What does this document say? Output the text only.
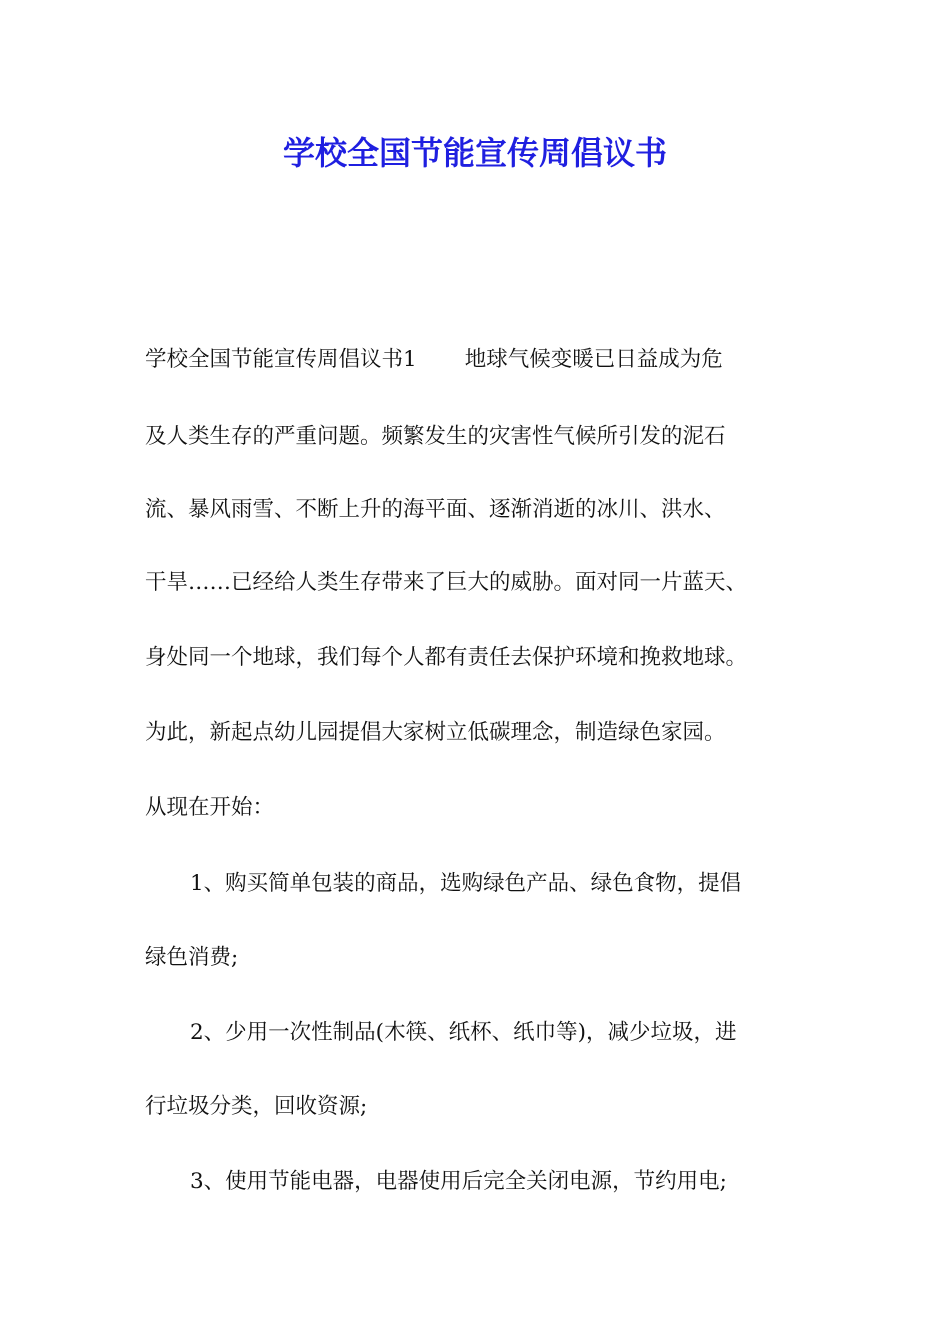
学校全国节能宣传周倡议书

学校全国节能宣传周倡议书1 地球气候变暖已日益成为危

及人类生存的严重问题。频繁发生的灾害性气候所引发的泥石

流、暴风雨雪、不断上升的海平面、逐渐消逝的冰川、洪水、

干旱……已经给人类生存带来了巨大的威胁。面对同一片蓝天、

身处同一个地球，我们每个人都有责任去保护环境和挽救地球。

为此，新起点幼儿园提倡大家树立低碳理念，制造绿色家园。

从现在开始：

1、购买简单包装的商品，选购绿色产品、绿色食物，提倡

绿色消费;

2、少用一次性制品(木筷、纸杯、纸巾等)，减少垃圾，进

行垃圾分类，回收资源;

3、使用节能电器，电器使用后完全关闭电源，节约用电;
